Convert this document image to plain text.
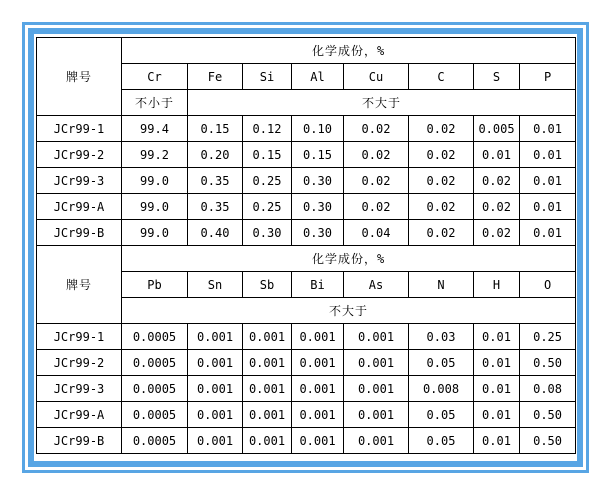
牌号	化学成份，%							
	Cr	Fe	Si	Al	Cu	C	S	P
	不小于	不大于						
JCr99-1	99.4	0.15	0.12	0.10	0.02	0.02	0.005	0.01
JCr99-2	99.2	0.20	0.15	0.15	0.02	0.02	0.01	0.01
JCr99-3	99.0	0.35	0.25	0.30	0.02	0.02	0.02	0.01
JCr99-A	99.0	0.35	0.25	0.30	0.02	0.02	0.02	0.01
JCr99-B	99.0	0.40	0.30	0.30	0.04	0.02	0.02	0.01
牌号	化学成份，%							
	Pb	Sn	Sb	Bi	As	N	H	O
	不大于							
JCr99-1	0.0005	0.001	0.001	0.001	0.001	0.03	0.01	0.25
JCr99-2	0.0005	0.001	0.001	0.001	0.001	0.05	0.01	0.50
JCr99-3	0.0005	0.001	0.001	0.001	0.001	0.008	0.01	0.08
JCr99-A	0.0005	0.001	0.001	0.001	0.001	0.05	0.01	0.50
JCr99-B	0.0005	0.001	0.001	0.001	0.001	0.05	0.01	0.50
